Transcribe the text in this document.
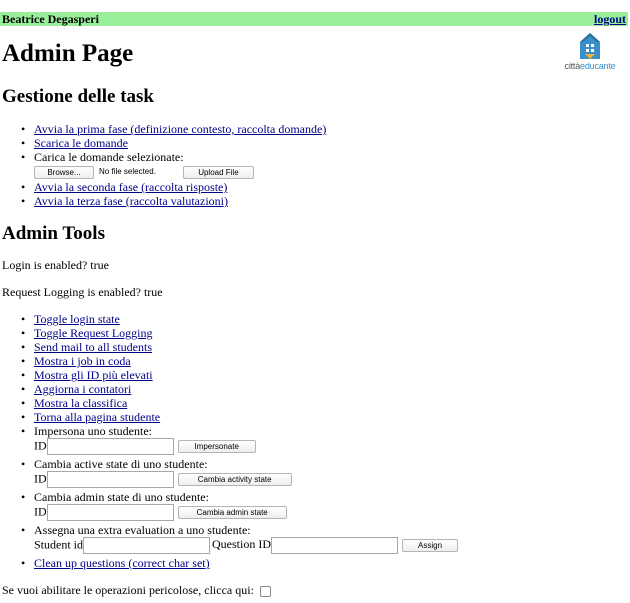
Beatrice Degasperi	logout
Admin Page	cittàeducante
Gestione delle task
• Avvia la prima fase (definizione contesto, raccolta domande)
• Scarica le domande
• Carica le domande selezionate:
Browse... No file selected.	Upload File
• Avvia la seconda fase (raccolta risposte)
• Avvia la terza fase (raccolta valutazioni)
Admin Tools
Login is enabled? true
Request Logging is enabled? true
• Toggle login state
• Toggle Request Logging
• Send mail to all students
• Mostra i job in coda
• Mostra gli ID più elevati
• Aggiorna i contatori
• Mostra la classifica
• Torna alla pagina studente
• Impersona uno studente:
ID	Impersonate
• Cambia active state di uno studente:
ID	Cambia activity state
• Cambia admin state di uno studente:
ID	Cambia admin state
• Assegna una extra evaluation a uno studente:
Student id	Question ID	Assign
• Clean up questions (correct char set)
Se vuoi abilitare le operazioni pericolose, clicca qui:
